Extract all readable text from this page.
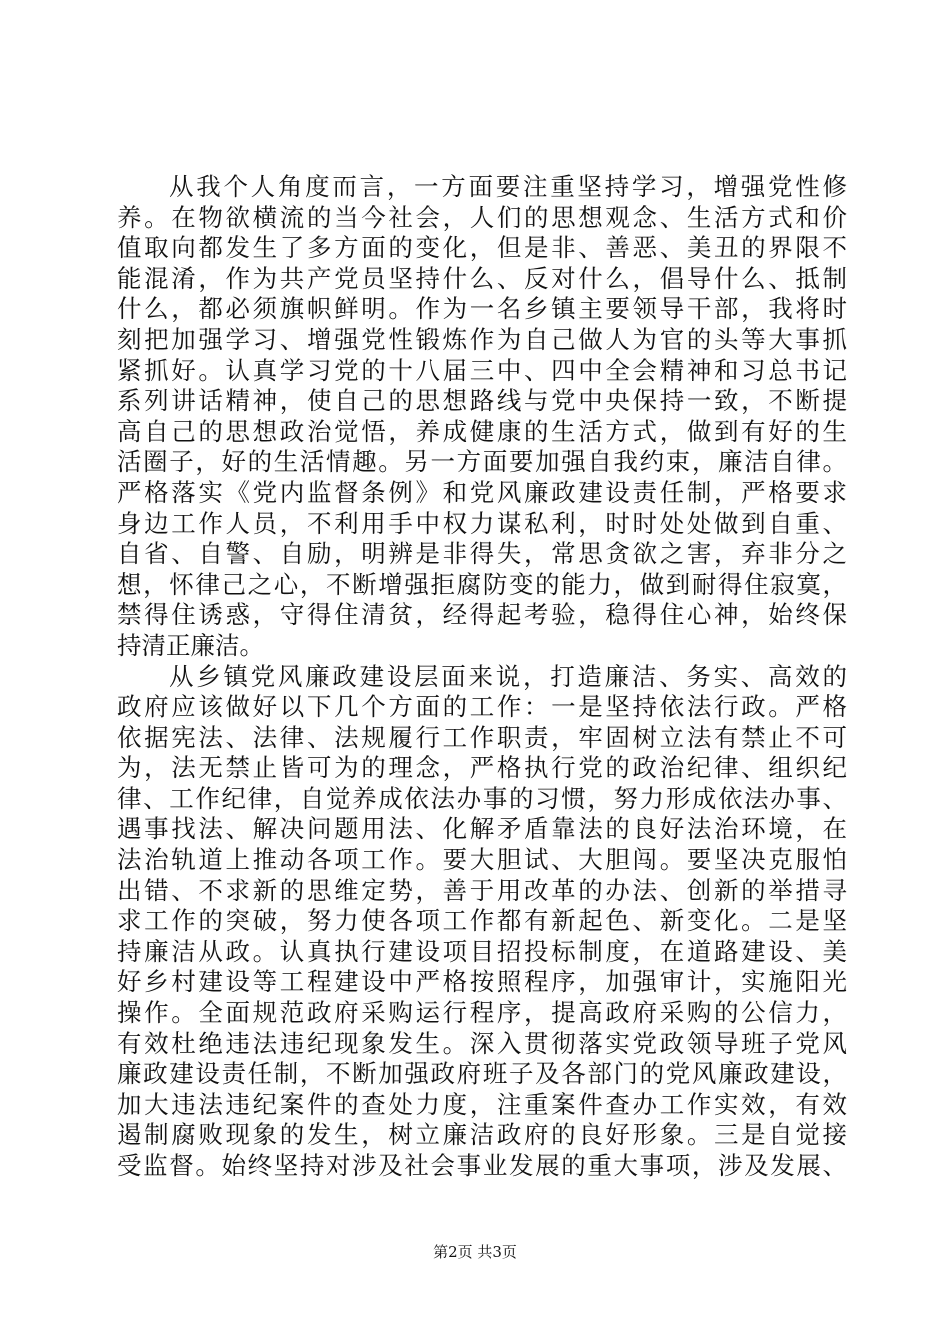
从我个人角度而言，一方面要注重坚持学习，增强党性修
养。在物欲横流的当今社会，人们的思想观念、生活方式和价
值取向都发生了多方面的变化，但是非、善恶、美丑的界限不
能混淆，作为共产党员坚持什么、反对什么，倡导什么、抵制
什么，都必须旗帜鲜明。作为一名乡镇主要领导干部，我将时
刻把加强学习、增强党性锻炼作为自己做人为官的头等大事抓
紧抓好。认真学习党的十八届三中、四中全会精神和习总书记
系列讲话精神，使自己的思想路线与党中央保持一致，不断提
高自己的思想政治觉悟，养成健康的生活方式，做到有好的生
活圈子，好的生活情趣。另一方面要加强自我约束，廉洁自律。
严格落实《党内监督条例》和党风廉政建设责任制，严格要求
身边工作人员，不利用手中权力谋私利，时时处处做到自重、
自省、自警、自励，明辨是非得失，常思贪欲之害，弃非分之
想，怀律己之心，不断增强拒腐防变的能力，做到耐得住寂寞，
禁得住诱惑，守得住清贫，经得起考验，稳得住心神，始终保
持清正廉洁。
从乡镇党风廉政建设层面来说，打造廉洁、务实、高效的
政府应该做好以下几个方面的工作：一是坚持依法行政。严格
依据宪法、法律、法规履行工作职责，牢固树立法有禁止不可
为，法无禁止皆可为的理念，严格执行党的政治纪律、组织纪
律、工作纪律，自觉养成依法办事的习惯，努力形成依法办事、
遇事找法、解决问题用法、化解矛盾靠法的良好法治环境，在
法治轨道上推动各项工作。要大胆试、大胆闯。要坚决克服怕
出错、不求新的思维定势，善于用改革的办法、创新的举措寻
求工作的突破，努力使各项工作都有新起色、新变化。二是坚
持廉洁从政。认真执行建设项目招投标制度，在道路建设、美
好乡村建设等工程建设中严格按照程序，加强审计，实施阳光
操作。全面规范政府采购运行程序，提高政府采购的公信力，
有效杜绝违法违纪现象发生。深入贯彻落实党政领导班子党风
廉政建设责任制，不断加强政府班子及各部门的党风廉政建设，
加大违法违纪案件的查处力度，注重案件查办工作实效，有效
遏制腐败现象的发生，树立廉洁政府的良好形象。三是自觉接
受监督。始终坚持对涉及社会事业发展的重大事项，涉及发展、
第2页 共3页
